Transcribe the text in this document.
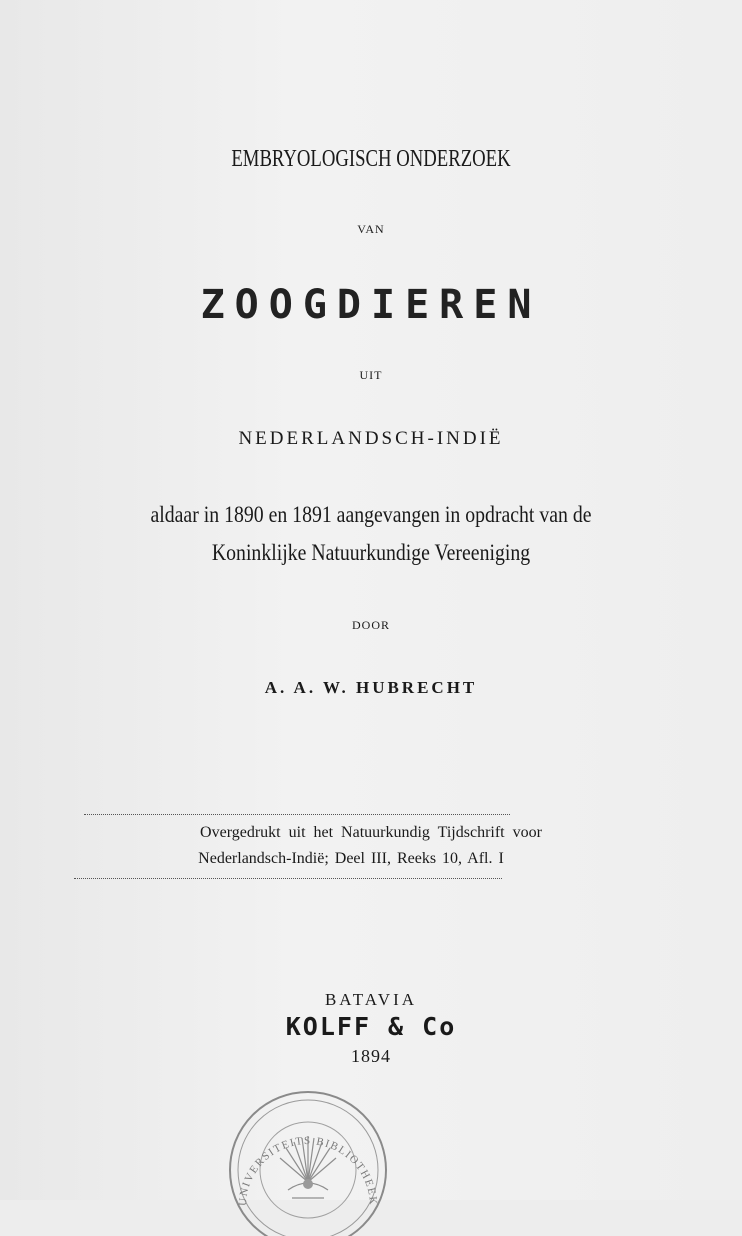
EMBRYOLOGISCH ONDERZOEK
VAN
ZOOGDIEREN
UIT
NEDERLANDSCH-INDIË
aldaar in 1890 en 1891 aangevangen in opdracht van de
Koninklijke Natuurkundige Vereeniging
DOOR
A. A. W. HUBRECHT
Overgedrukt uit het Natuurkundig Tijdschrift voor
Nederlandsch-Indië; Deel III, Reeks 10, Afl. I
BATAVIA
KOLFF & Co
1894
UNIVERSITEITS BIBLIOTHEEK
